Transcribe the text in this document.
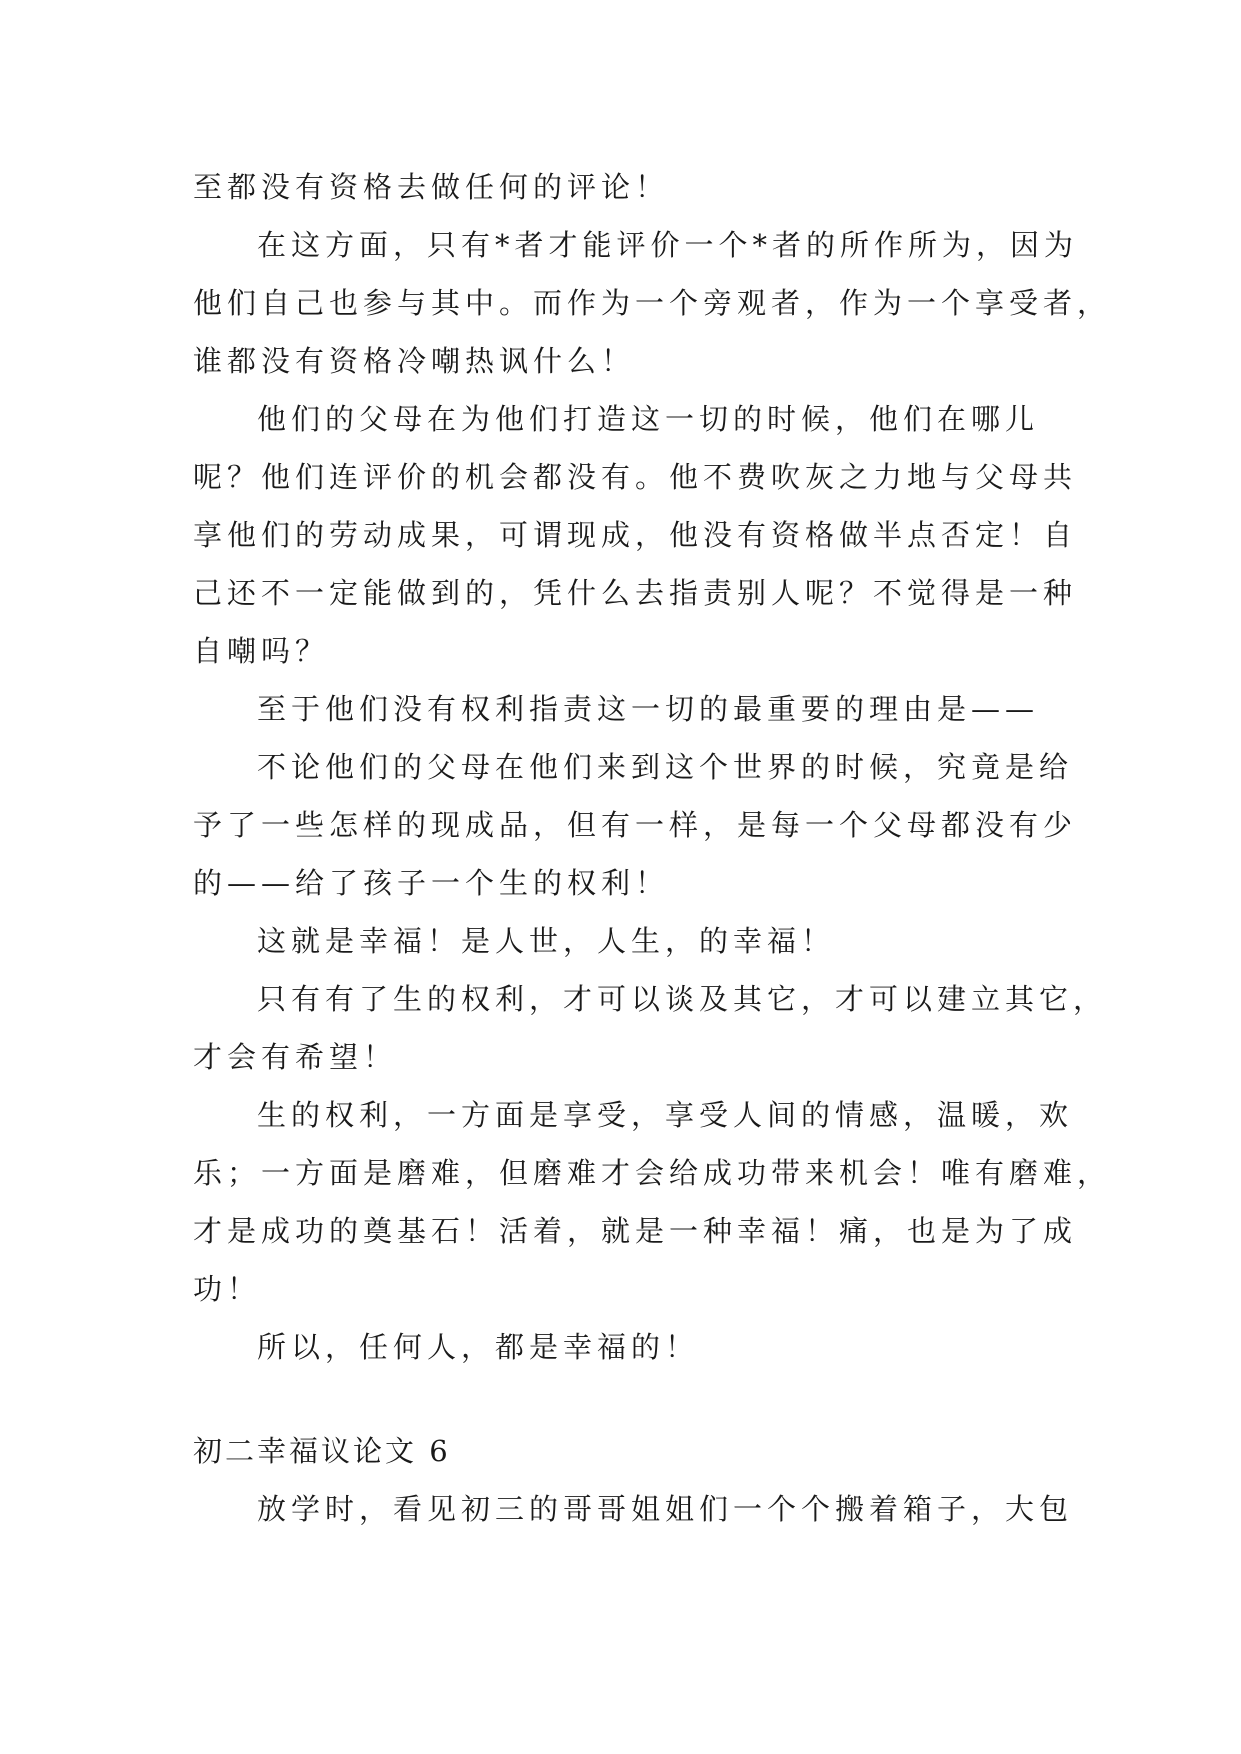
至都没有资格去做任何的评论！

在这方面，只有*者才能评价一个*者的所作所为，因为

他们自己也参与其中。而作为一个旁观者，作为一个享受者，

谁都没有资格冷嘲热讽什么！

他们的父母在为他们打造这一切的时候，他们在哪儿

呢？他们连评价的机会都没有。他不费吹灰之力地与父母共

享他们的劳动成果，可谓现成，他没有资格做半点否定！自

己还不一定能做到的，凭什么去指责别人呢？不觉得是一种

自嘲吗？

至于他们没有权利指责这一切的最重要的理由是——

不论他们的父母在他们来到这个世界的时候，究竟是给

予了一些怎样的现成品，但有一样，是每一个父母都没有少

的——给了孩子一个生的权利！

这就是幸福！是人世，人生，的幸福！

只有有了生的权利，才可以谈及其它，才可以建立其它，

才会有希望！

生的权利，一方面是享受，享受人间的情感，温暖，欢

乐；一方面是磨难，但磨难才会给成功带来机会！唯有磨难，

才是成功的奠基石！活着，就是一种幸福！痛，也是为了成

功！

所以，任何人，都是幸福的！

初二幸福议论文 6

放学时，看见初三的哥哥姐姐们一个个搬着箱子，大包
